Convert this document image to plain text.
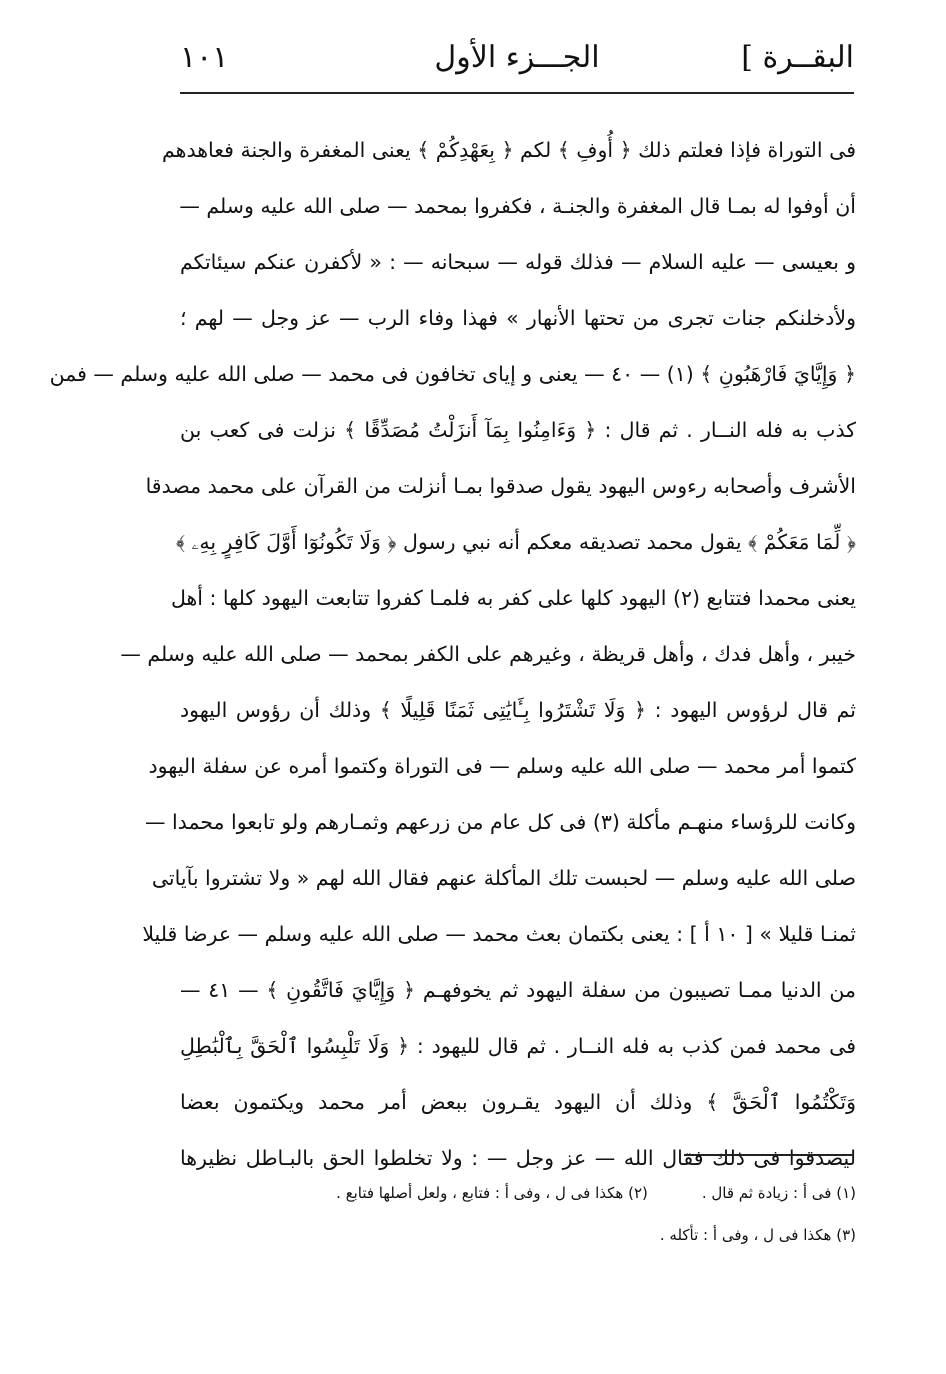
البقــرة ]
الجـــزء الأول
١٠١
فى التوراة فإذا فعلتم ذلك ﴿ أُوفِ ﴾ لكم ﴿ بِعَهْدِكُمْ ﴾ يعنى المغفرة والجنة فعاهدهم
أن أوفوا له بمـا قال المغفرة والجنـة ، فكفروا بمحمد — صلى الله عليه وسلم —
و بعيسى — عليه السلام — فذلك قوله — سبحانه — : « لأكفرن عنكم سيئاتكم
ولأدخلنكم جنات تجرى من تحتها الأنهار » فهذا وفاء الرب — عز وجل — لهم ؛
﴿ وَإِيَّايَ فَارْهَبُونِ ﴾ (١) — ٤٠ — يعنى و إياى تخافون فى محمد — صلى الله عليه وسلم — فمن
كذب به فله النــار . ثم قال : ﴿ وَءَامِنُوا بِمَآ أَنزَلْتُ مُصَدِّقًا ﴾ نزلت فى كعب بن
الأشرف وأصحابه رءوس اليهود يقول صدقوا بمـا أنزلت من القرآن على محمد مصدقا
﴿ لِّمَا مَعَكُمْ ﴾ يقول محمد تصديقه معكم أنه نبي رسول ﴿ وَلَا تَكُونُوٓا أَوَّلَ كَافِرٍ بِهِۦ ﴾
يعنى محمدا فتتابع (٢) اليهود كلها على كفر به فلمـا كفروا تتابعت اليهود كلها : أهل
خيبر ، وأهل فدك ، وأهل قريظة ، وغيرهم على الكفر بمحمد — صلى الله عليه وسلم —
ثم قال لرؤوس اليهود : ﴿ وَلَا تَشْتَرُوا بِـَٔايَٰتِى ثَمَنًا قَلِيلًا ﴾ وذلك أن رؤوس اليهود
كتموا أمر محمد — صلى الله عليه وسلم — فى التوراة وكتموا أمره عن سفلة اليهود
وكانت للرؤساء منهـم مأكلة (٣) فى كل عام من زرعهم وثمـارهم ولو تابعوا محمدا —
صلى الله عليه وسلم — لحبست تلك المأكلة عنهم فقال الله لهم « ولا تشتروا بآياتى
ثمنـا قليلا » [ ١٠ أ ] : يعنى بكتمان بعث محمد — صلى الله عليه وسلم — عرضا قليلا
من الدنيا ممـا تصيبون من سفلة اليهود ثم يخوفهـم ﴿ وَإِيَّايَ فَاتَّقُونِ ﴾ — ٤١ —
فى محمد فمن كذب به فله النــار . ثم قال لليهود : ﴿ وَلَا تَلْبِسُوا ٱلْحَقَّ بِٱلْبَٰطِلِ
وَتَكْتُمُوا ٱلْحَقَّ ﴾ وذلك أن اليهود يقـرون ببعض أمر محمد ويكتمون بعضا
ليصدقوا فى ذلك فقال الله — عز وجل — : ولا تخلطوا الحق بالبـاطل نظيرها
(١) فى أ : زيادة ثم قال .(٢) هكذا فى ل ، وفى أ : فتابع ، ولعل أصلها فتابع .
(٣) هكذا فى ل ، وفى أ : تأكله .
